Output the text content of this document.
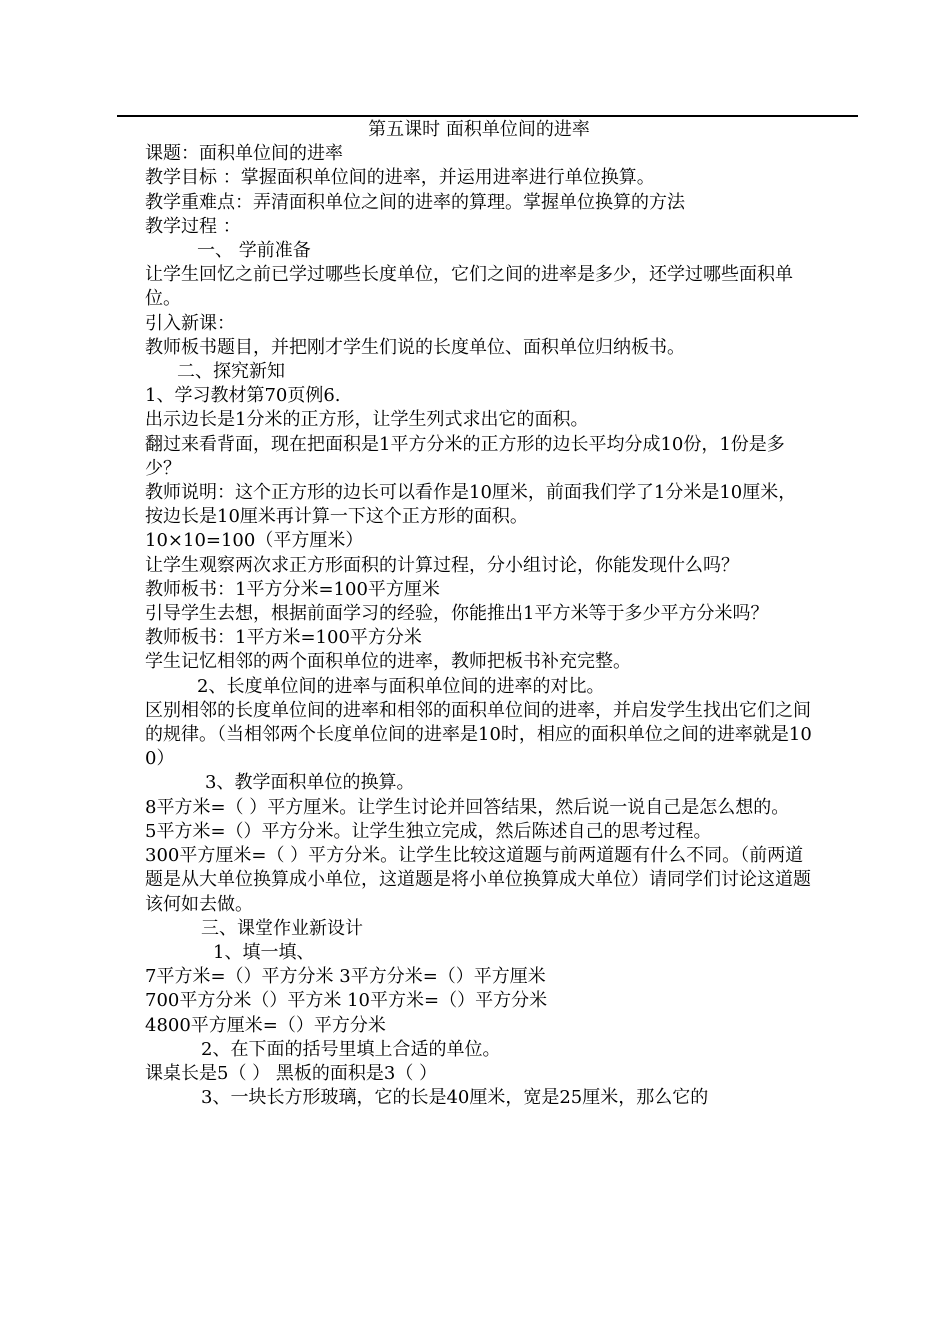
第五课时 面积单位间的进率

课题：面积单位间的进率

教学目标 ：掌握面积单位间的进率，并运用进率进行单位换算。

教学重难点：弄清面积单位之间的进率的算理。掌握单位换算的方法

教学过程 ：

一、 学前准备

让学生回忆之前已学过哪些长度单位，它们之间的进率是多少，还学过哪些面积单位。

引入新课：

教师板书题目，并把刚才学生们说的长度单位、面积单位归纳板书。

二、探究新知

1、学习教材第70页例6.

出示边长是1分米的正方形，让学生列式求出它的面积。

翻过来看背面，现在把面积是1平方分米的正方形的边长平均分成10份，1份是多少？

教师说明：这个正方形的边长可以看作是10厘米，前面我们学了1分米是10厘米，按边长是10厘米再计算一下这个正方形的面积。

10×10=100（平方厘米）

让学生观察两次求正方形面积的计算过程，分小组讨论，你能发现什么吗？

教师板书：1平方分米=100平方厘米

引导学生去想，根据前面学习的经验，你能推出1平方米等于多少平方分米吗？

教师板书：1平方米=100平方分米

学生记忆相邻的两个面积单位的进率，教师把板书补充完整。

2、长度单位间的进率与面积单位间的进率的对比。

区别相邻的长度单位间的进率和相邻的面积单位间的进率，并启发学生找出它们之间的规律。（当相邻两个长度单位间的进率是10时，相应的面积单位之间的进率就是100）

3、教学面积单位的换算。

8平方米=（ ）平方厘米。让学生讨论并回答结果，然后说一说自己是怎么想的。

5平方米=（）平方分米。让学生独立完成，然后陈述自己的思考过程。

300平方厘米=（ ）平方分米。让学生比较这道题与前两道题有什么不同。（前两道题是从大单位换算成小单位，这道题是将小单位换算成大单位）请同学们讨论这道题该何如去做。

三、课堂作业新设计

1、填一填、

7平方米=（）平方分米 3平方分米=（）平方厘米

700平方分米（）平方米 10平方米=（）平方分米

4800平方厘米=（）平方分米

2、在下面的括号里填上合适的单位。

课桌长是5（ ） 黑板的面积是3（ ）

3、一块长方形玻璃，它的长是40厘米，宽是25厘米，那么它的
